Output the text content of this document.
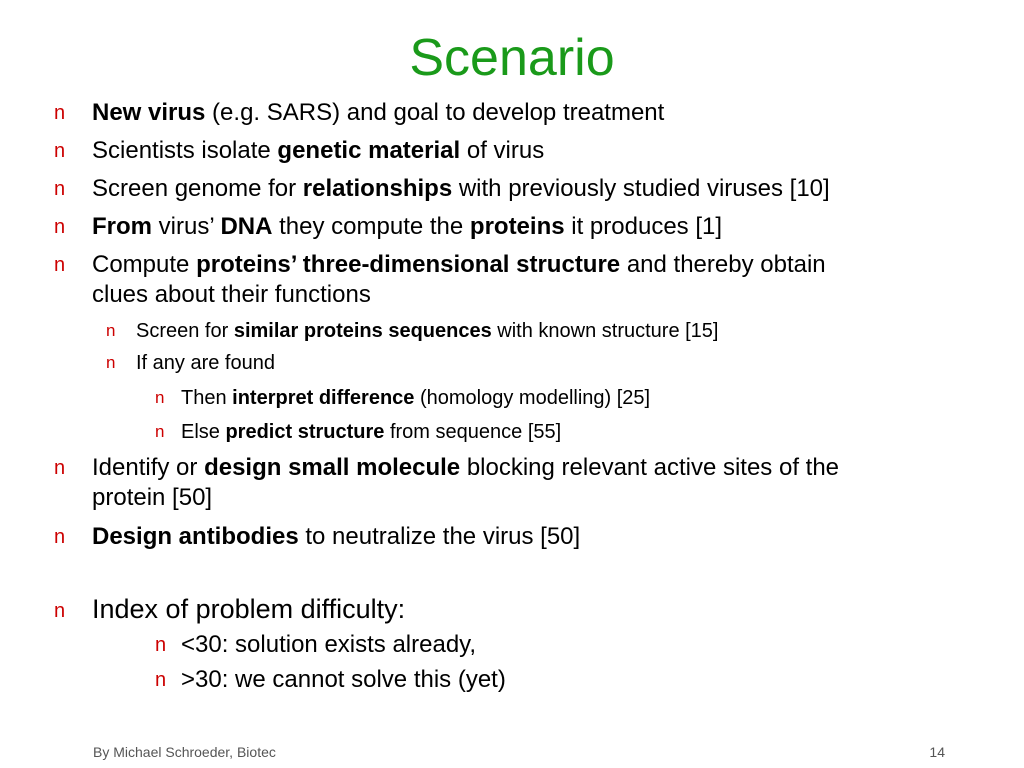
Scenario
n New virus (e.g. SARS) and goal to develop treatment
n Scientists isolate genetic material of virus
n Screen genome for relationships with previously studied viruses [10]
n From virus’ DNA they compute the proteins it produces [1]
n Compute proteins’ three-dimensional structure and thereby obtain
clues about their functions
n Screen for similar proteins sequences with known structure [15]
n If any are found
n Then interpret difference (homology modelling) [25]
n Else predict structure from sequence [55]
n Identify or design small molecule blocking relevant active sites of the
protein [50]
n Design antibodies to neutralize the virus [50]
n Index of problem difficulty:
n <30: solution exists already,
n >30: we cannot solve this (yet)
By Michael Schroeder, Biotec	14
